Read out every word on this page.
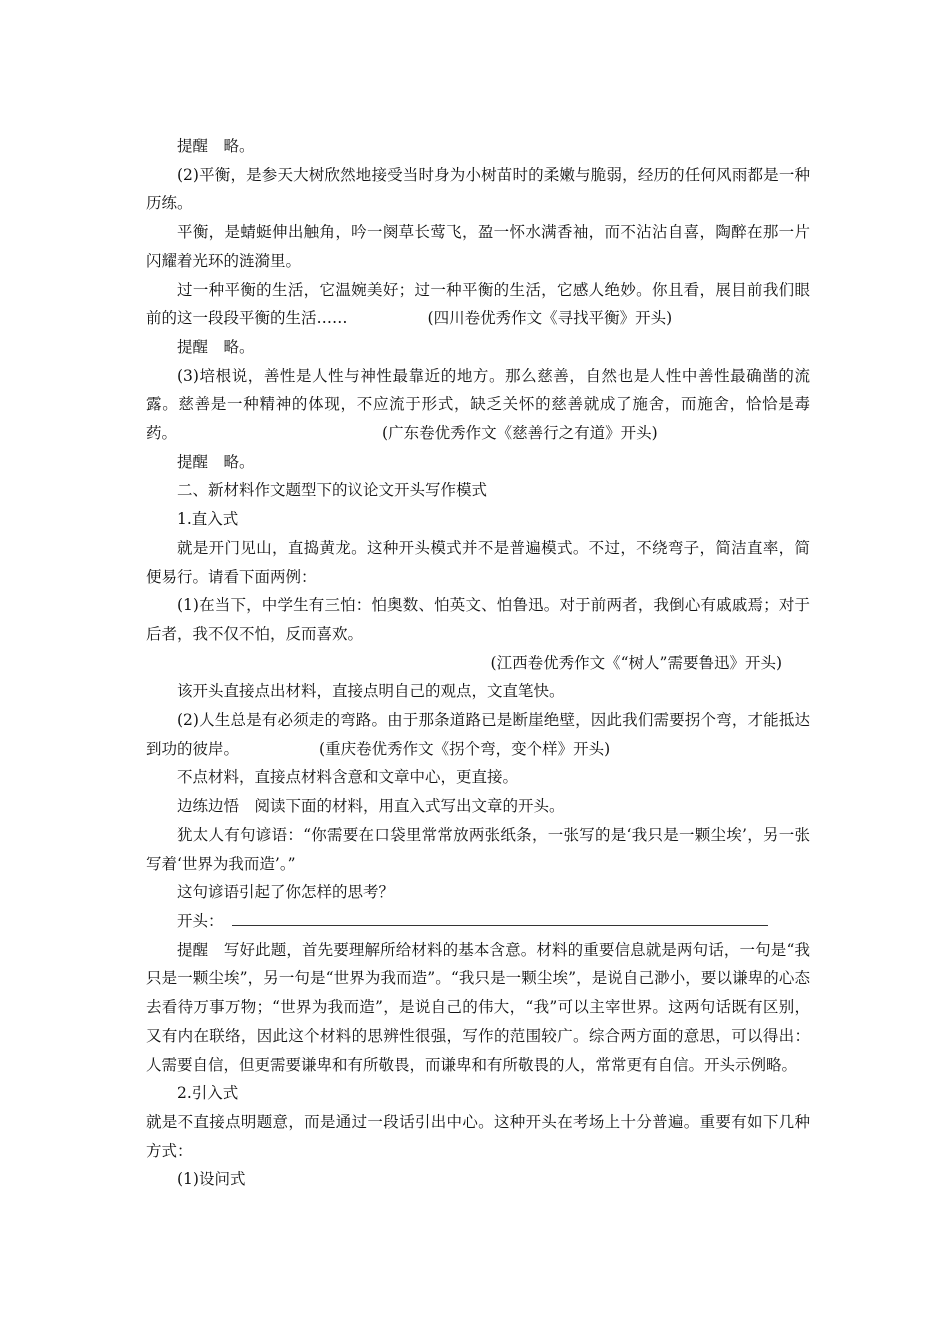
提醒　略。

(2)平衡，是参天大树欣然地接受当时身为小树苗时的柔嫩与脆弱，经历的任何风雨都是一种历练。

平衡，是蜻蜓伸出触角，吟一阕草长莺飞，盈一怀水满香袖，而不沾沾自喜，陶醉在那一片闪耀着光环的涟漪里。

过一种平衡的生活，它温婉美好；过一种平衡的生活，它感人绝妙。你且看，展目前我们眼前的这一段段平衡的生活……	(四川卷优秀作文《寻找平衡》开头)

提醒　略。

(3)培根说，善性是人性与神性最靠近的地方。那么慈善，自然也是人性中善性最确凿的流露。慈善是一种精神的体现，不应流于形式，缺乏关怀的慈善就成了施舍，而施舍，恰恰是毒药。	(广东卷优秀作文《慈善行之有道》开头)

提醒　略。

二、新材料作文题型下的议论文开头写作模式

1.直入式

就是开门见山，直捣黄龙。这种开头模式并不是普遍模式。不过，不绕弯子，简洁直率，简便易行。请看下面两例：

(1)在当下，中学生有三怕：怕奥数、怕英文、怕鲁迅。对于前两者，我倒心有戚戚焉；对于后者，我不仅不怕，反而喜欢。

(江西卷优秀作文《“树人”需要鲁迅》开头)

该开头直接点出材料，直接点明自己的观点，文直笔快。

(2)人生总是有必须走的弯路。由于那条道路已是断崖绝壁，因此我们需要拐个弯，才能抵达到功的彼岸。	(重庆卷优秀作文《拐个弯，变个样》开头)

不点材料，直接点材料含意和文章中心，更直接。

边练边悟　阅读下面的材料，用直入式写出文章的开头。

犹太人有句谚语：“你需要在口袋里常常放两张纸条，一张写的是‘我只是一颗尘埃’，另一张写着‘世界为我而造’。”

这句谚语引起了你怎样的思考？

开头：

提醒　写好此题，首先要理解所给材料的基本含意。材料的重要信息就是两句话，一句是“我只是一颗尘埃”，另一句是“世界为我而造”。“我只是一颗尘埃”，是说自己渺小，要以谦卑的心态去看待万事万物；“世界为我而造”，是说自己的伟大，“我”可以主宰世界。这两句话既有区别，又有内在联络，因此这个材料的思辨性很强，写作的范围较广。综合两方面的意思，可以得出：人需要自信，但更需要谦卑和有所敬畏，而谦卑和有所敬畏的人，常常更有自信。开头示例略。

2.引入式

就是不直接点明题意，而是通过一段话引出中心。这种开头在考场上十分普遍。重要有如下几种方式：

(1)设问式
